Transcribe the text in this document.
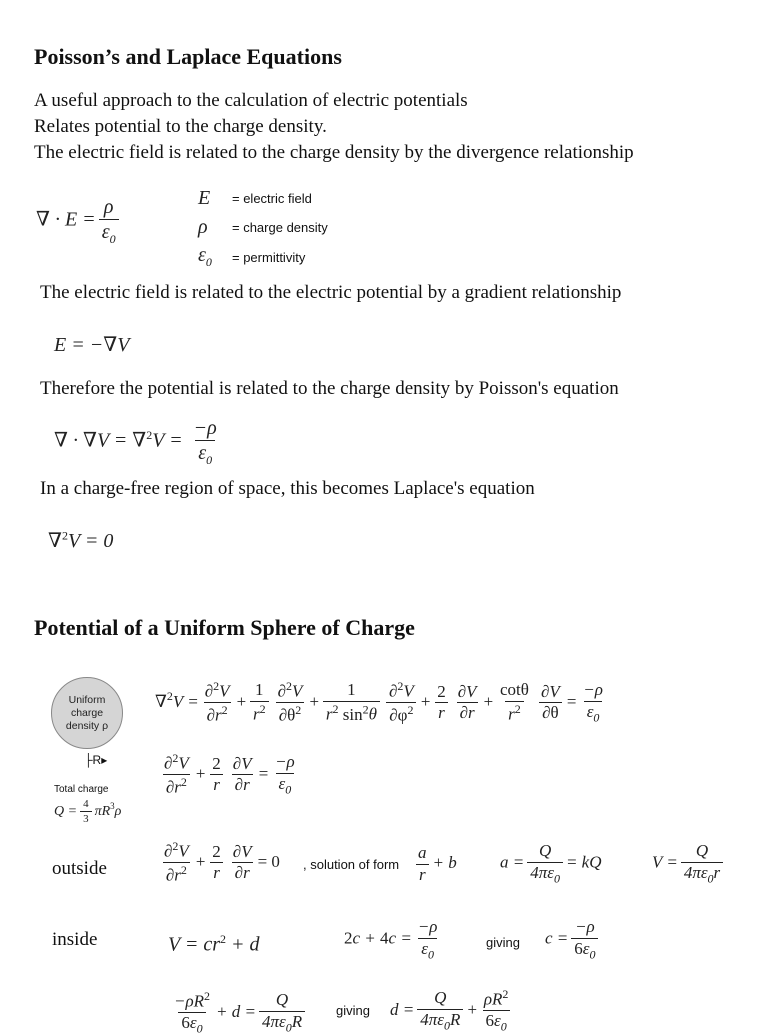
Poisson’s and Laplace Equations
A useful approach to the calculation of electric potentials
Relates potential to the charge density.
The electric field is related to the charge density by the divergence relationship
∇ · $E = \frac{\rho}{\varepsilon_0}$	E	= electric field
ρ	= charge density
$\varepsilon_0$	= permittivity
The electric field is related to the electric potential by a gradient relationship
E = −∇V
Therefore the potential is related to the charge density by Poisson's equation
∇ · $\nabla V = \nabla^2V = \frac{-\rho}{\varepsilon_0}$
In a charge-free region of space, this becomes Laplace's equation
∇$^2$V = 0
Potential of a Uniform Sphere of Charge
Uniform
charge
density ρ
├R▸
Total charge
$Q = \frac{4}{3} \pi R^3\rho$
$\nabla^2V = \frac{\partial^2V}{\partial r^2} + \frac{1}{r^2} \frac{\partial^2V}{\partial\theta^2} + \frac{1}{r^2 \sin^2\theta} \frac{\partial^2V}{\partial\varphi^2} + \frac{2}{r} \frac{\partial V}{\partial r} + \frac{\cot\theta}{r^2} \frac{\partial V}{\partial\theta} = \frac{-\rho}{\varepsilon_0}$
$\frac{\partial^2V}{\partial r^2} + \frac{2}{r} \frac{\partial V}{\partial r} = \frac{-\rho}{\varepsilon_0}$
outside	$\frac{\partial^2V}{\partial r^2} + \frac{2}{r} \frac{\partial V}{\partial r} = 0$ , solution of form $\frac{a}{r} + b$	$a = \frac{Q}{4\pi\varepsilon_0}$ = kQ	$V = \frac{Q}{4\pi\varepsilon_0r}$
inside	$V = cr^2 + d$	$2c + 4c = \frac{-\rho}{\varepsilon_0}$	giving $c = \frac{-\rho}{6\varepsilon_0}$
$\frac{-\rho R^2}{6\varepsilon_0} + d = \frac{Q}{4\pi\varepsilon_0R}$ giving $d = \frac{Q}{4\pi\varepsilon_0R} + \frac{\rho R^2}{6\varepsilon_0}$
